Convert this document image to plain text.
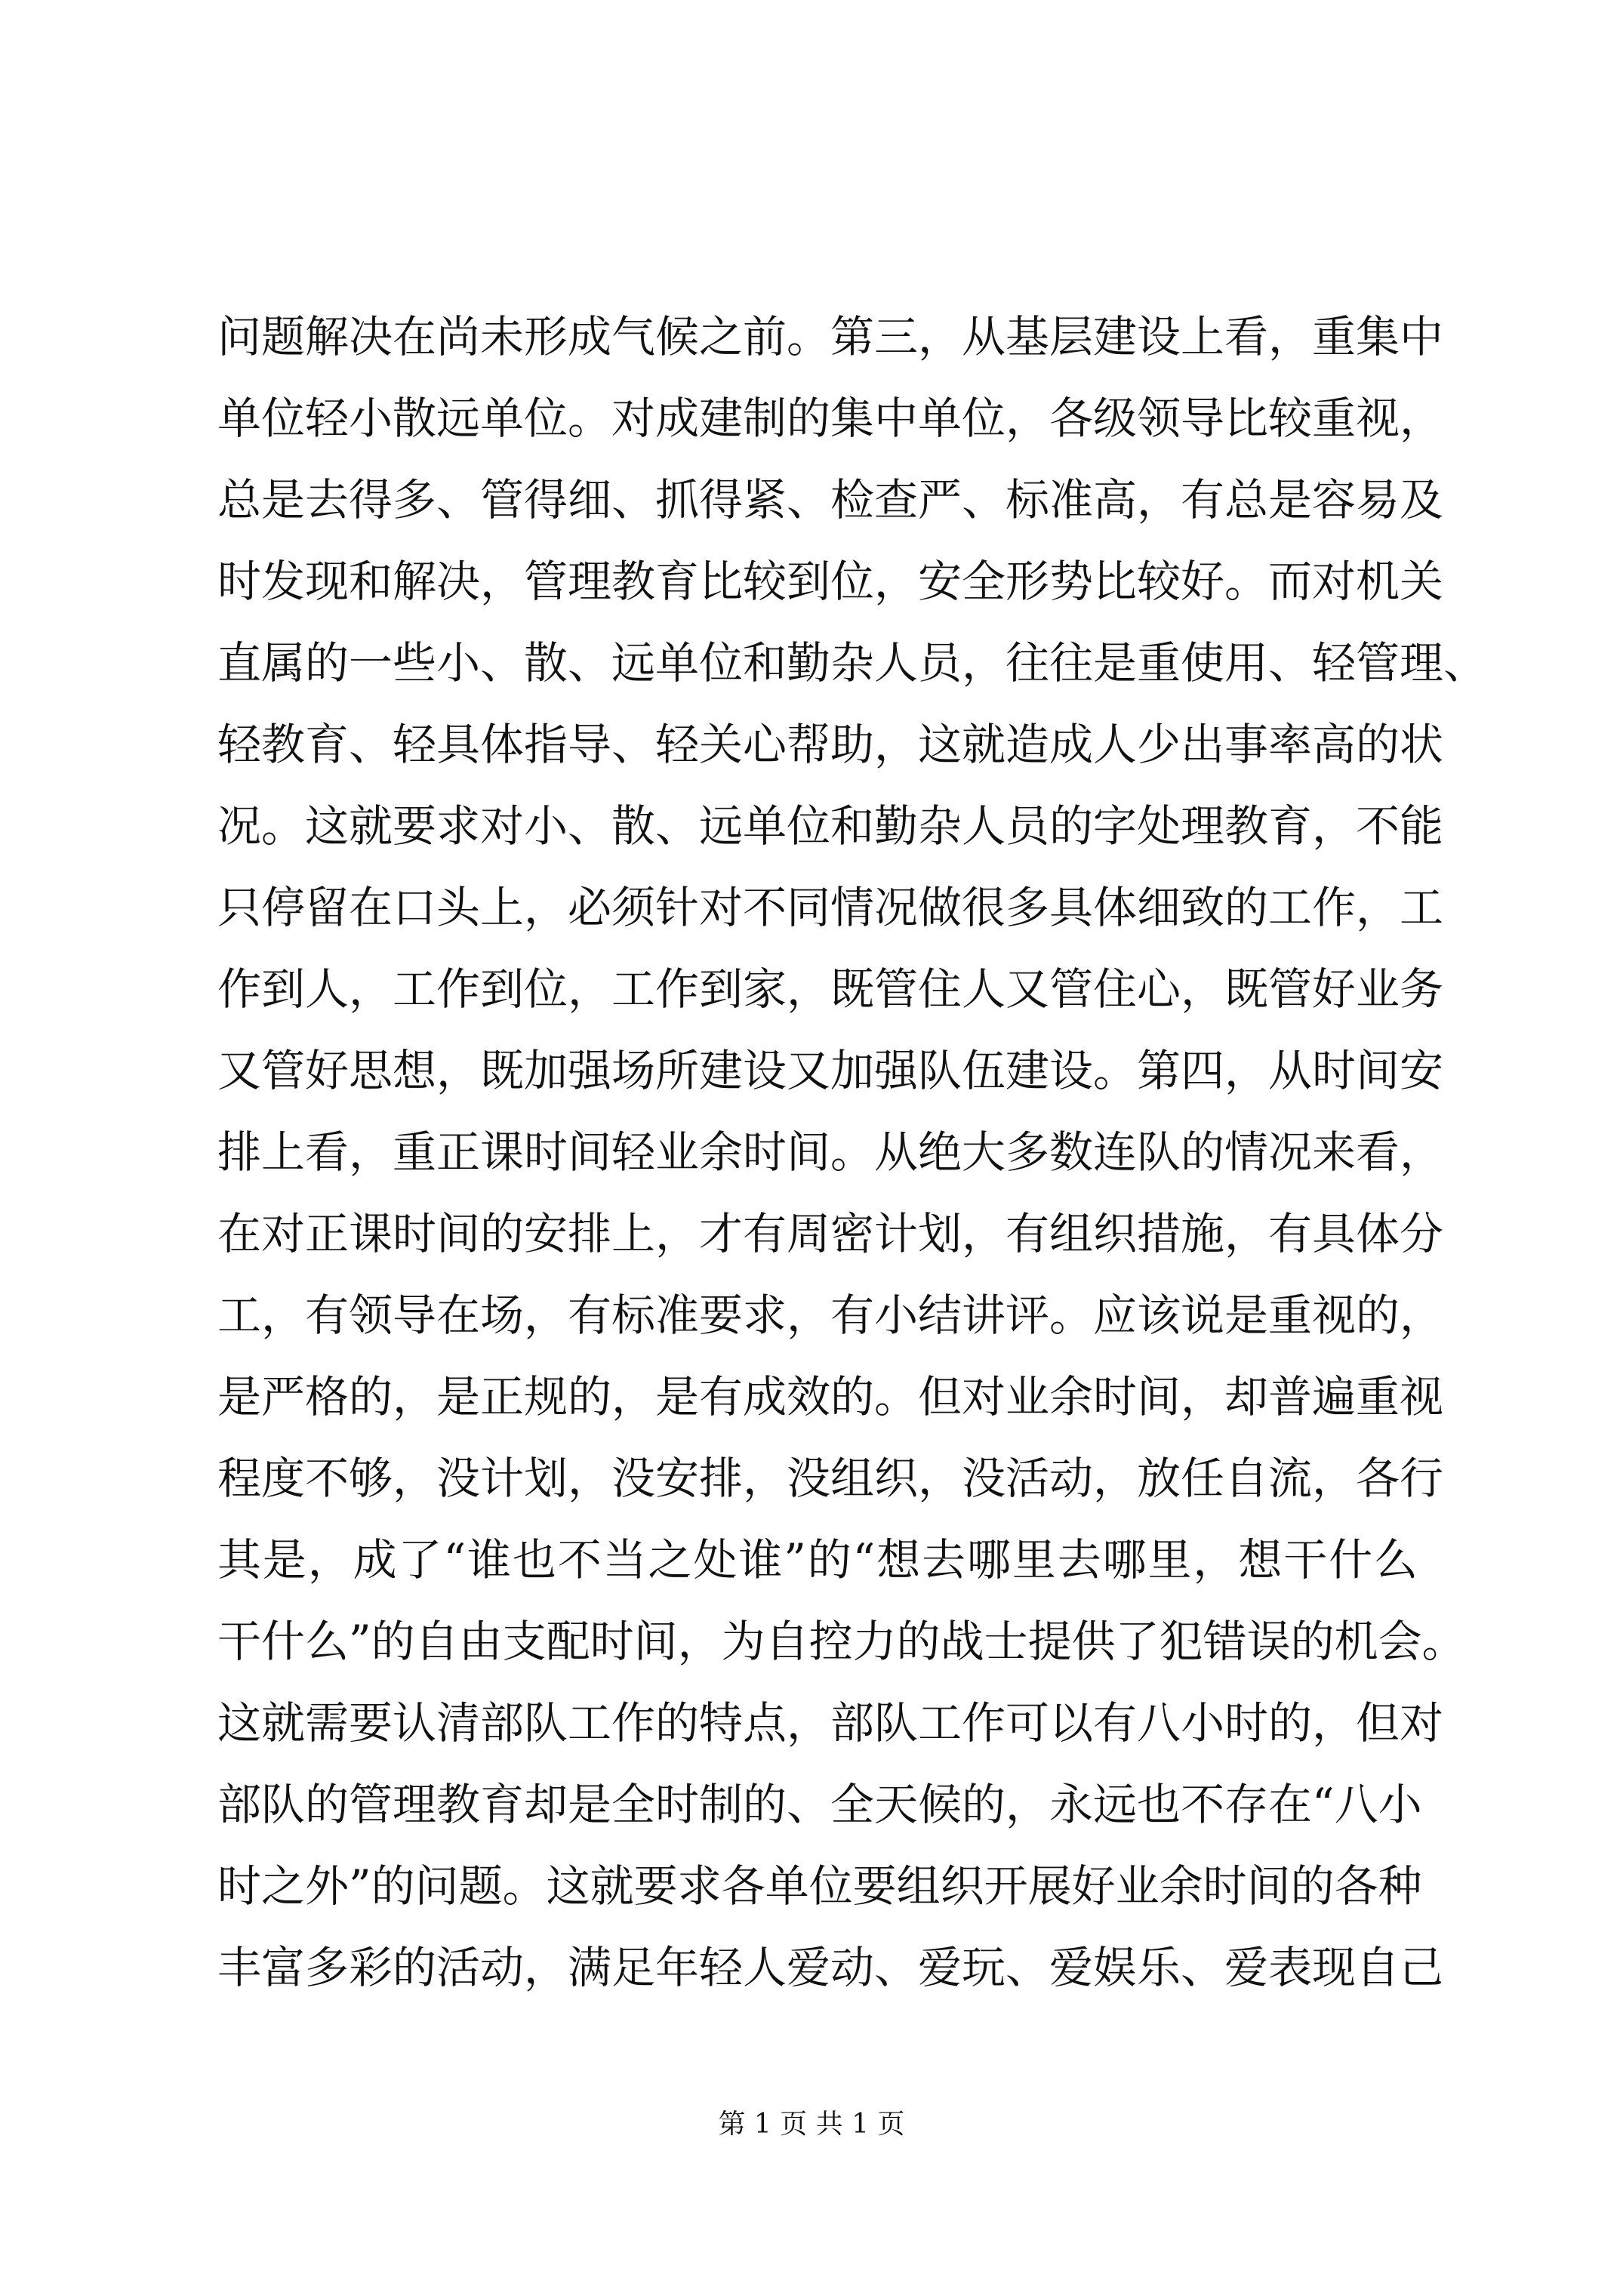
问题解决在尚未形成气候之前。第三，从基层建设上看，重集中
单位轻小散远单位。对成建制的集中单位，各级领导比较重视，
总是去得多、管得细、抓得紧、检查严、标准高，有总是容易及
时发现和解决，管理教育比较到位，安全形势比较好。而对机关
直属的一些小、散、远单位和勤杂人员，往往是重使用、轻管理、
轻教育、轻具体指导、轻关心帮助，这就造成人少出事率高的状
况。这就要求对小、散、远单位和勤杂人员的字处理教育，不能
只停留在口头上，必须针对不同情况做很多具体细致的工作，工
作到人，工作到位，工作到家，既管住人又管住心，既管好业务
又管好思想，既加强场所建设又加强队伍建设。第四，从时间安
排上看，重正课时间轻业余时间。从绝大多数连队的情况来看，
在对正课时间的安排上，才有周密计划，有组织措施，有具体分
工，有领导在场，有标准要求，有小结讲评。应该说是重视的，
是严格的，是正规的，是有成效的。但对业余时间，却普遍重视
程度不够，没计划，没安排，没组织，没活动，放任自流，各行
其是，成了“谁也不当之处谁”的“想去哪里去哪里，想干什么
干什么”的自由支配时间，为自控力的战士提供了犯错误的机会。
这就需要认清部队工作的特点，部队工作可以有八小时的，但对
部队的管理教育却是全时制的、全天候的，永远也不存在“八小
时之外”的问题。这就要求各单位要组织开展好业余时间的各种
丰富多彩的活动，满足年轻人爱动、爱玩、爱娱乐、爱表现自己
第 1 页 共 1 页
